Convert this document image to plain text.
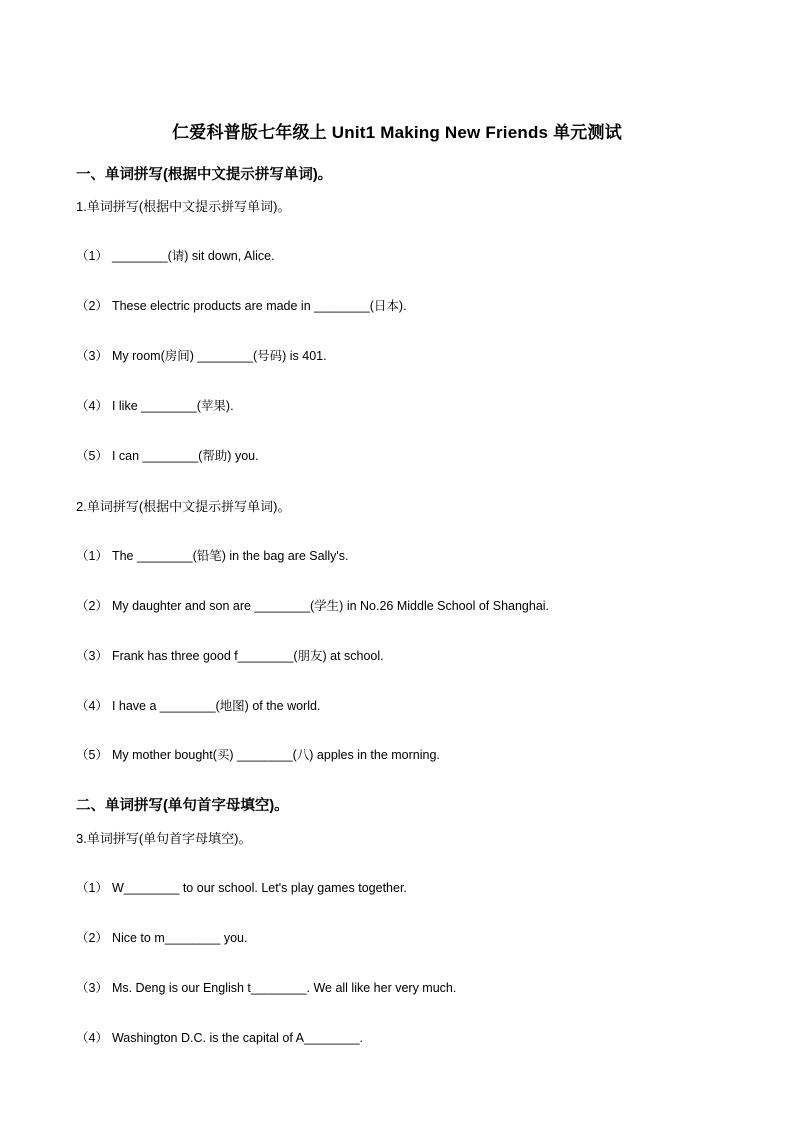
仁爱科普版七年级上 Unit1 Making New Friends 单元测试
一、单词拼写(根据中文提示拼写单词)。
1.单词拼写(根据中文提示拼写单词)。
（1） ________(请) sit down, Alice.
（2） These electric products are made in ________(日本).
（3） My room(房间) ________(号码) is 401.
（4） I like ________(苹果).
（5） I can ________(帮助) you.
2.单词拼写(根据中文提示拼写单词)。
（1） The ________(铅笔) in the bag are Sally's.
（2） My daughter and son are ________(学生) in No.26 Middle School of Shanghai.
（3） Frank has three good f________(朋友) at school.
（4） I have a ________(地图) of the world.
（5） My mother bought(买) ________(八) apples in the morning.
二、单词拼写(单句首字母填空)。
3.单词拼写(单句首字母填空)。
（1） W________ to our school. Let's play games together.
（2） Nice to m________ you.
（3） Ms. Deng is our English t________. We all like her very much.
（4） Washington D.C. is the capital of A________.
